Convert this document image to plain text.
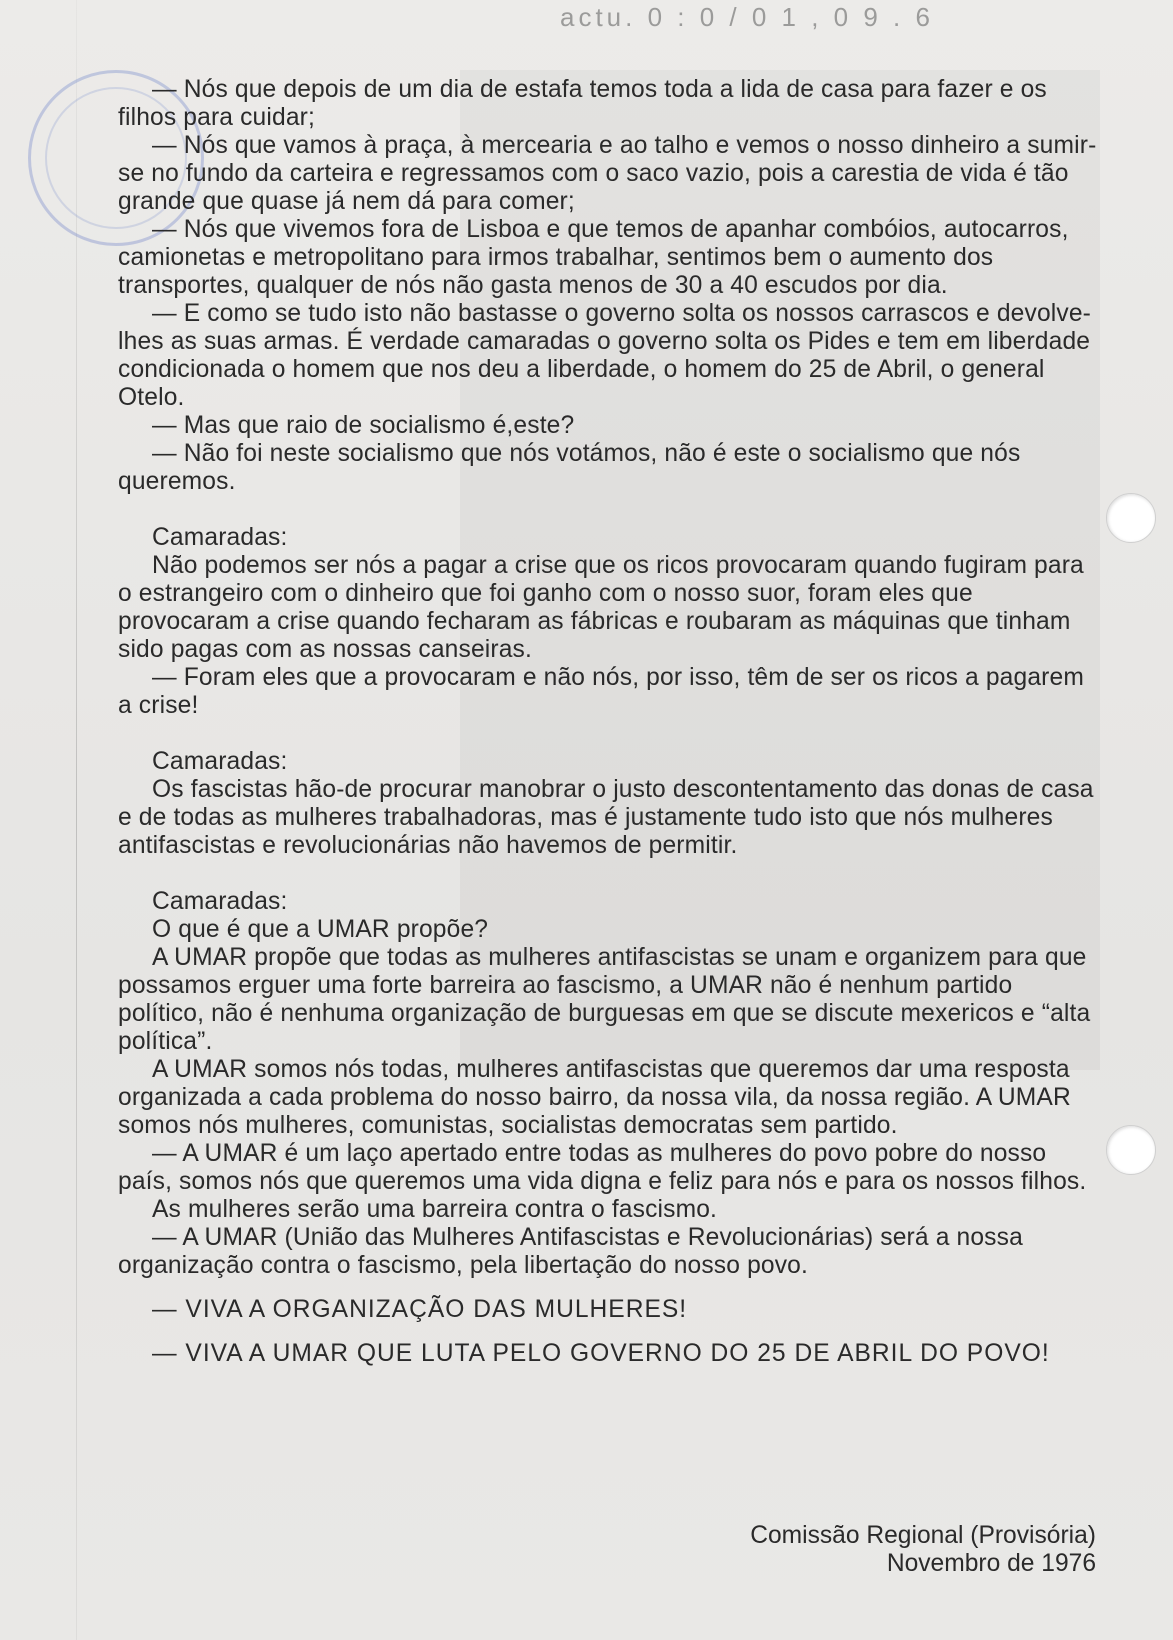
actu. 0 : 0 / 0 1 , 0 9 . 6

— Nós que depois de um dia de estafa temos toda a lida de casa para fazer e os filhos para cuidar;

— Nós que vamos à praça, à mercearia e ao talho e vemos o nosso dinheiro a sumir-se no fundo da carteira e regressamos com o saco vazio, pois a carestia de vida é tão grande que quase já nem dá para comer;

— Nós que vivemos fora de Lisboa e que temos de apanhar combóios, autocarros, camionetas e metropolitano para irmos trabalhar, sentimos bem o aumento dos transportes, qualquer de nós não gasta menos de 30 a 40 escudos por dia.

— E como se tudo isto não bastasse o governo solta os nossos carrascos e devolve-lhes as suas armas. É verdade camaradas o governo solta os Pides e tem em liberdade condicionada o homem que nos deu a liberdade, o homem do 25 de Abril, o general Otelo.

— Mas que raio de socialismo é,este?

— Não foi neste socialismo que nós votámos, não é este o socialismo que nós queremos.

Camaradas:

Não podemos ser nós a pagar a crise que os ricos provocaram quando fugiram para o estrangeiro com o dinheiro que foi ganho com o nosso suor, foram eles que provocaram a crise quando fecharam as fábricas e roubaram as máquinas que tinham sido pagas com as nossas canseiras.

— Foram eles que a provocaram e não nós, por isso, têm de ser os ricos a pagarem a crise!

Camaradas:

Os fascistas hão-de procurar manobrar o justo descontentamento das donas de casa e de todas as mulheres trabalhadoras, mas é justamente tudo isto que nós mulheres antifascistas e revolucionárias não havemos de permitir.

Camaradas:

O que é que a UMAR propõe?

A UMAR propõe que todas as mulheres antifascistas se unam e organizem para que possamos erguer uma forte barreira ao fascismo, a UMAR não é nenhum partido político, não é nenhuma organização de burguesas em que se discute mexericos e “alta política”.

A UMAR somos nós todas, mulheres antifascistas que queremos dar uma resposta organizada a cada problema do nosso bairro, da nossa vila, da nossa região. A UMAR somos nós mulheres, comunistas, socialistas democratas sem partido.

— A UMAR é um laço apertado entre todas as mulheres do povo pobre do nosso país, somos nós que queremos uma vida digna e feliz para nós e para os nossos filhos.

As mulheres serão uma barreira contra o fascismo.

— A UMAR (União das Mulheres Antifascistas e Revolucionárias) será a nossa organização contra o fascismo, pela libertação do nosso povo.

— VIVA A ORGANIZAÇÃO DAS MULHERES!

— VIVA A UMAR QUE LUTA PELO GOVERNO DO 25 DE ABRIL DO POVO!

Comissão Regional (Provisória)
Novembro de 1976
